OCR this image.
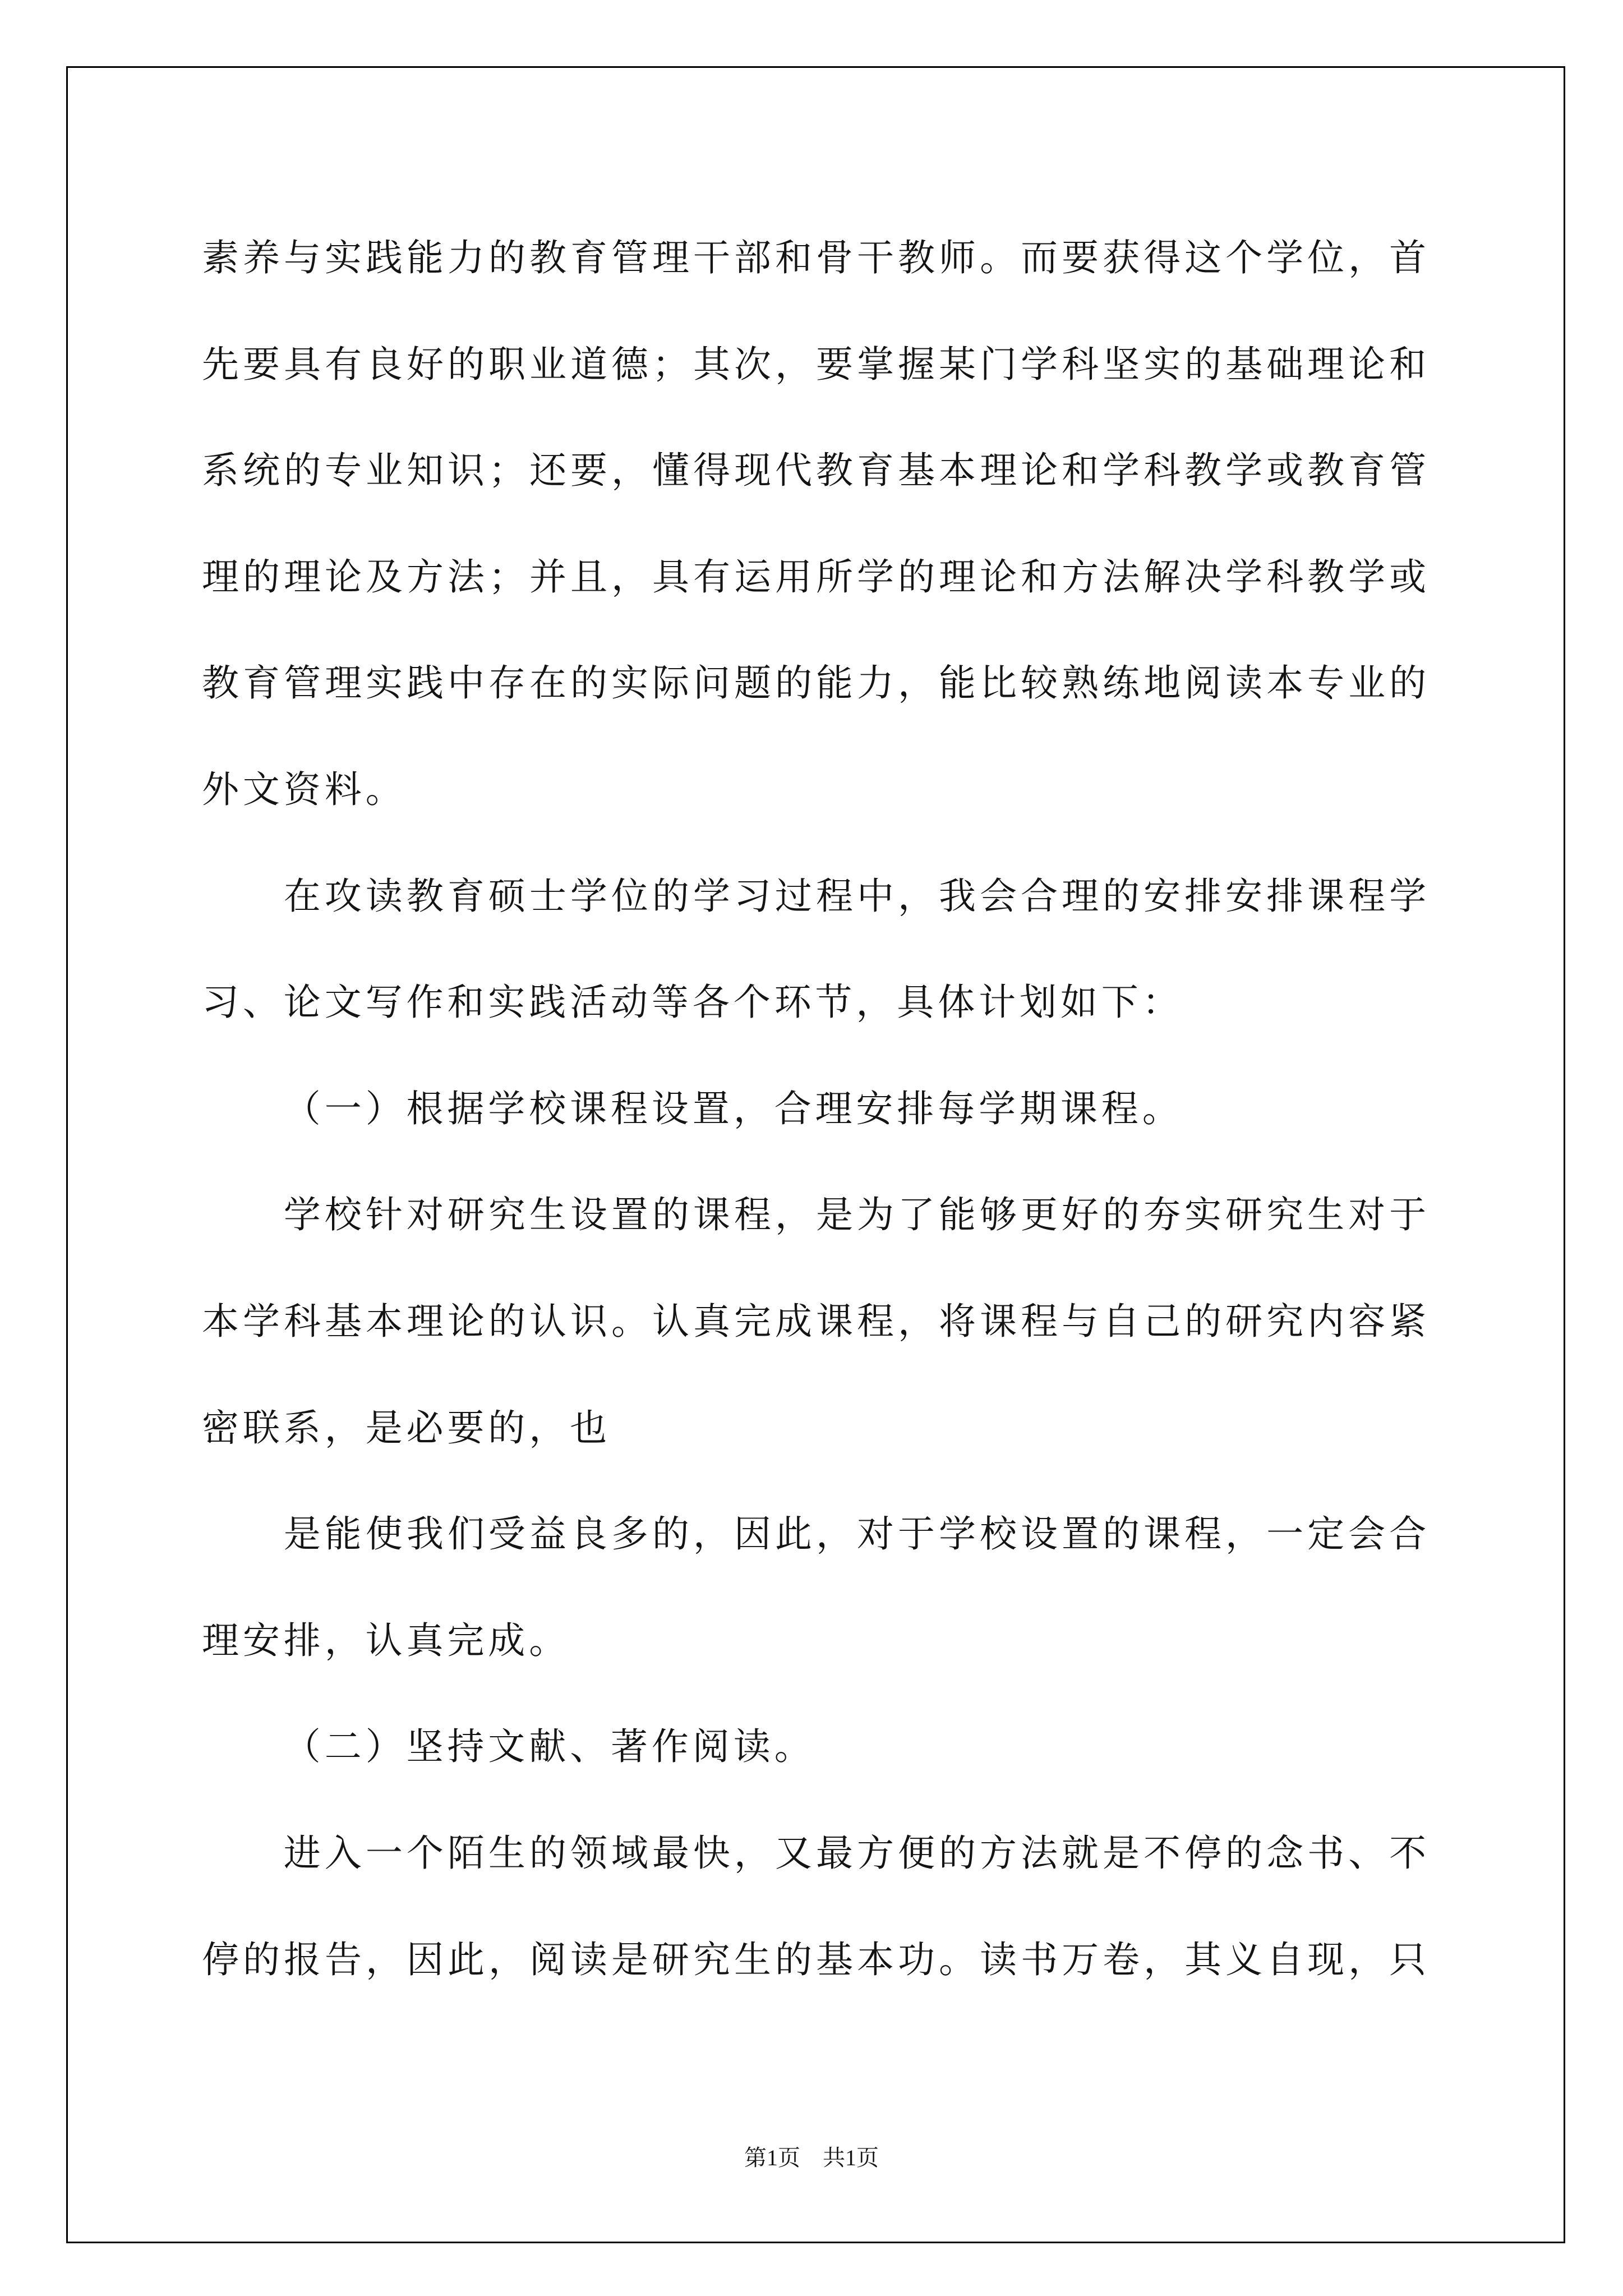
素养与实践能力的教育管理干部和骨干教师。而要获得这个学位，首
先要具有良好的职业道德；其次，要掌握某门学科坚实的基础理论和
系统的专业知识；还要，懂得现代教育基本理论和学科教学或教育管
理的理论及方法；并且，具有运用所学的理论和方法解决学科教学或
教育管理实践中存在的实际问题的能力，能比较熟练地阅读本专业的
外文资料。
在攻读教育硕士学位的学习过程中，我会合理的安排安排课程学
习、论文写作和实践活动等各个环节，具体计划如下：
（一）根据学校课程设置，合理安排每学期课程。
学校针对研究生设置的课程，是为了能够更好的夯实研究生对于
本学科基本理论的认识。认真完成课程，将课程与自己的研究内容紧
密联系，是必要的，也
是能使我们受益良多的，因此，对于学校设置的课程，一定会合
理安排，认真完成。
（二）坚持文献、著作阅读。
进入一个陌生的领域最快，又最方便的方法就是不停的念书、不
停的报告，因此，阅读是研究生的基本功。读书万卷，其义自现，只
第1页 共1页
